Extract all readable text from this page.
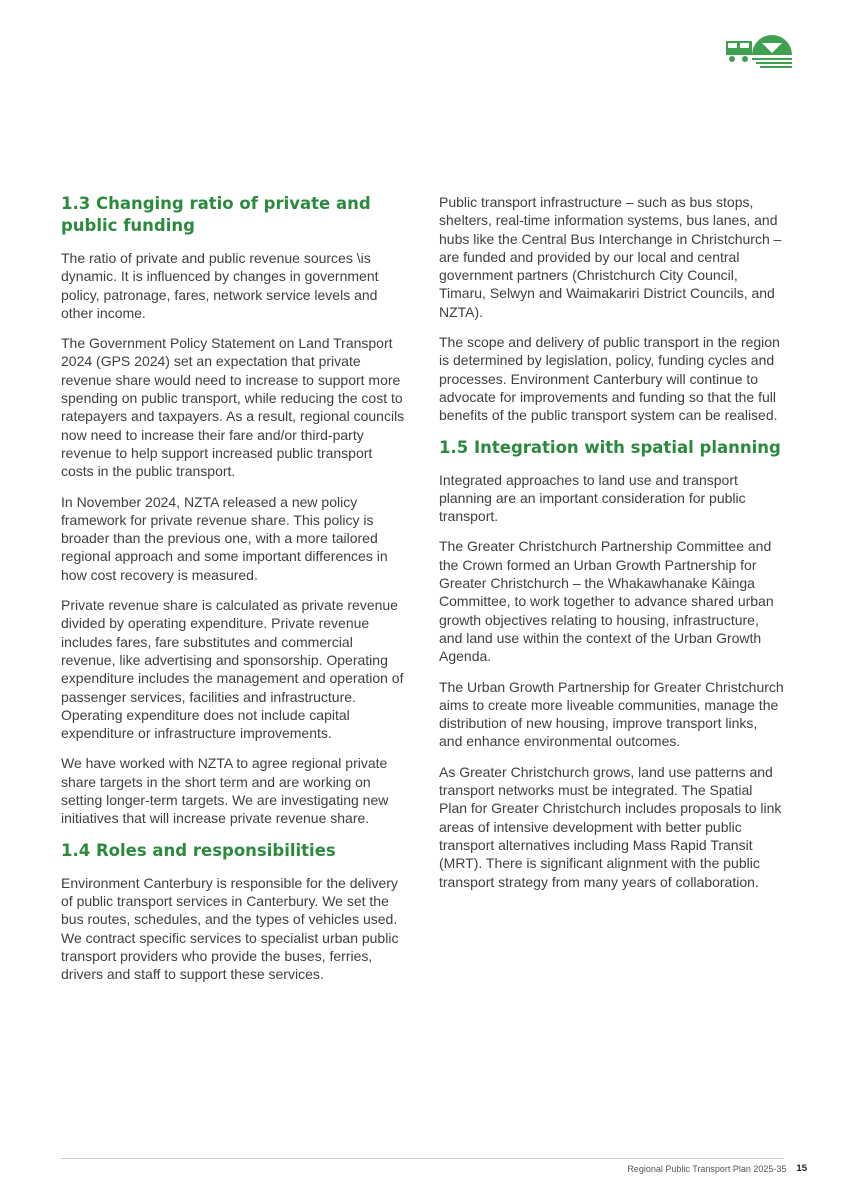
1.3 Changing ratio of private and public funding

The ratio of private and public revenue sources \is dynamic. It is influenced by changes in government policy, patronage, fares, network service levels and other income.

The Government Policy Statement on Land Transport 2024 (GPS 2024) set an expectation that private revenue share would need to increase to support more spending on public transport, while reducing the cost to ratepayers and taxpayers. As a result, regional councils now need to increase their fare and/or third-party revenue to help support increased public transport costs in the public transport.

In November 2024, NZTA released a new policy framework for private revenue share. This policy is broader than the previous one, with a more tailored regional approach and some important differences in how cost recovery is measured.

Private revenue share is calculated as private revenue divided by operating expenditure. Private revenue includes fares, fare substitutes and commercial revenue, like advertising and sponsorship. Operating expenditure includes the management and operation of passenger services, facilities and infrastructure. Operating expenditure does not include capital expenditure or infrastructure improvements.

We have worked with NZTA to agree regional private share targets in the short term and are working on setting longer-term targets. We are investigating new initiatives that will increase private revenue share.

1.4 Roles and responsibilities

Environment Canterbury is responsible for the delivery of public transport services in Canterbury. We set the bus routes, schedules, and the types of vehicles used. We contract specific services to specialist urban public transport providers who provide the buses, ferries, drivers and staff to support these services.

Public transport infrastructure – such as bus stops, shelters, real-time information systems, bus lanes, and hubs like the Central Bus Interchange in Christchurch – are funded and provided by our local and central government partners (Christchurch City Council, Timaru, Selwyn and Waimakariri District Councils, and NZTA).

The scope and delivery of public transport in the region is determined by legislation, policy, funding cycles and processes. Environment Canterbury will continue to advocate for improvements and funding so that the full benefits of the public transport system can be realised.

1.5 Integration with spatial planning

Integrated approaches to land use and transport planning are an important consideration for public transport.

The Greater Christchurch Partnership Committee and the Crown formed an Urban Growth Partnership for Greater Christchurch – the Whakawhanake Kāinga Committee, to work together to advance shared urban growth objectives relating to housing, infrastructure, and land use within the context of the Urban Growth Agenda.

The Urban Growth Partnership for Greater Christchurch aims to create more liveable communities, manage the distribution of new housing, improve transport links, and enhance environmental outcomes.

As Greater Christchurch grows, land use patterns and transport networks must be integrated. The Spatial Plan for Greater Christchurch includes proposals to link areas of intensive development with better public transport alternatives including Mass Rapid Transit (MRT). There is significant alignment with the public transport strategy from many years of collaboration.

Regional Public Transport Plan 2025-35 15
